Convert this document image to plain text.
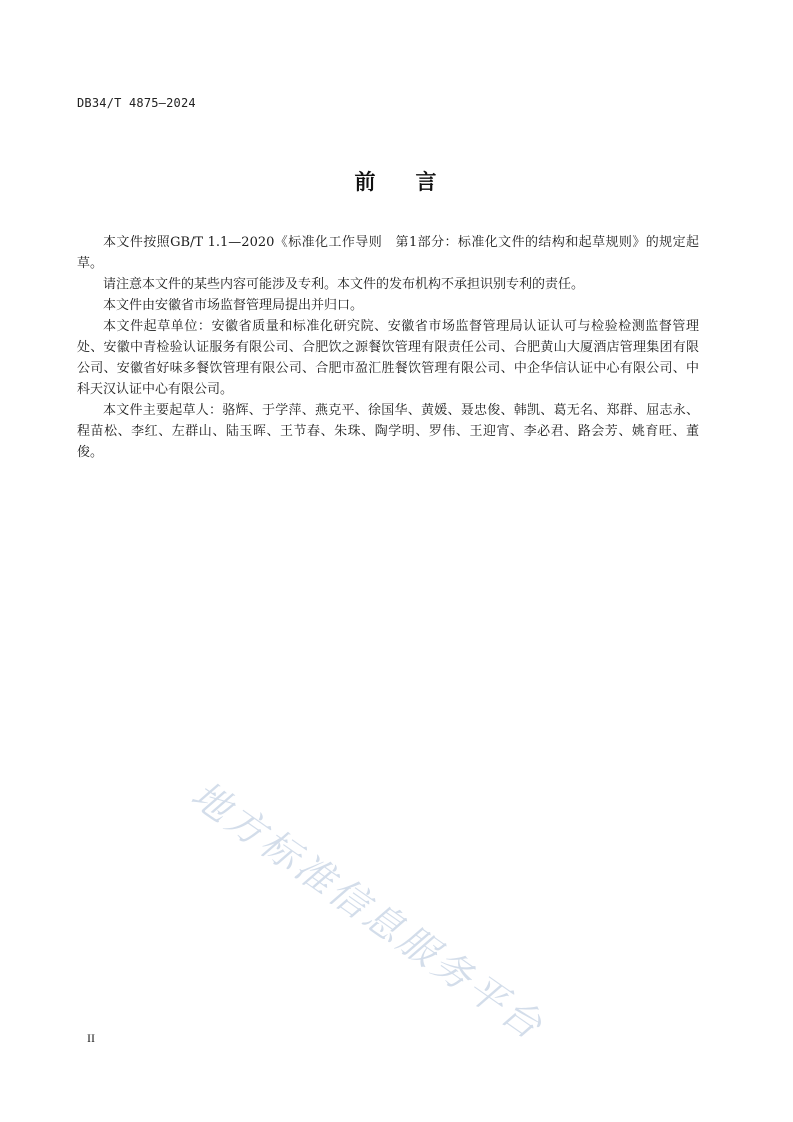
DB34/T 4875—2024
前 言

本文件按照GB/T 1.1—2020《标准化工作导则　第1部分：标准化文件的结构和起草规则》的规定起草。

请注意本文件的某些内容可能涉及专利。本文件的发布机构不承担识别专利的责任。

本文件由安徽省市场监督管理局提出并归口。

本文件起草单位：安徽省质量和标准化研究院、安徽省市场监督管理局认证认可与检验检测监督管理处、安徽中青检验认证服务有限公司、合肥饮之源餐饮管理有限责任公司、合肥黄山大厦酒店管理集团有限公司、安徽省好味多餐饮管理有限公司、合肥市盈汇胜餐饮管理有限公司、中企华信认证中心有限公司、中科天汉认证中心有限公司。

本文件主要起草人：骆辉、于学萍、燕克平、徐国华、黄媛、聂忠俊、韩凯、葛无名、郑群、屈志永、程苗松、李红、左群山、陆玉晖、王节春、朱珠、陶学明、罗伟、王迎宵、李必君、路会芳、姚育旺、董俊。

地方标准信息服务平台
II
